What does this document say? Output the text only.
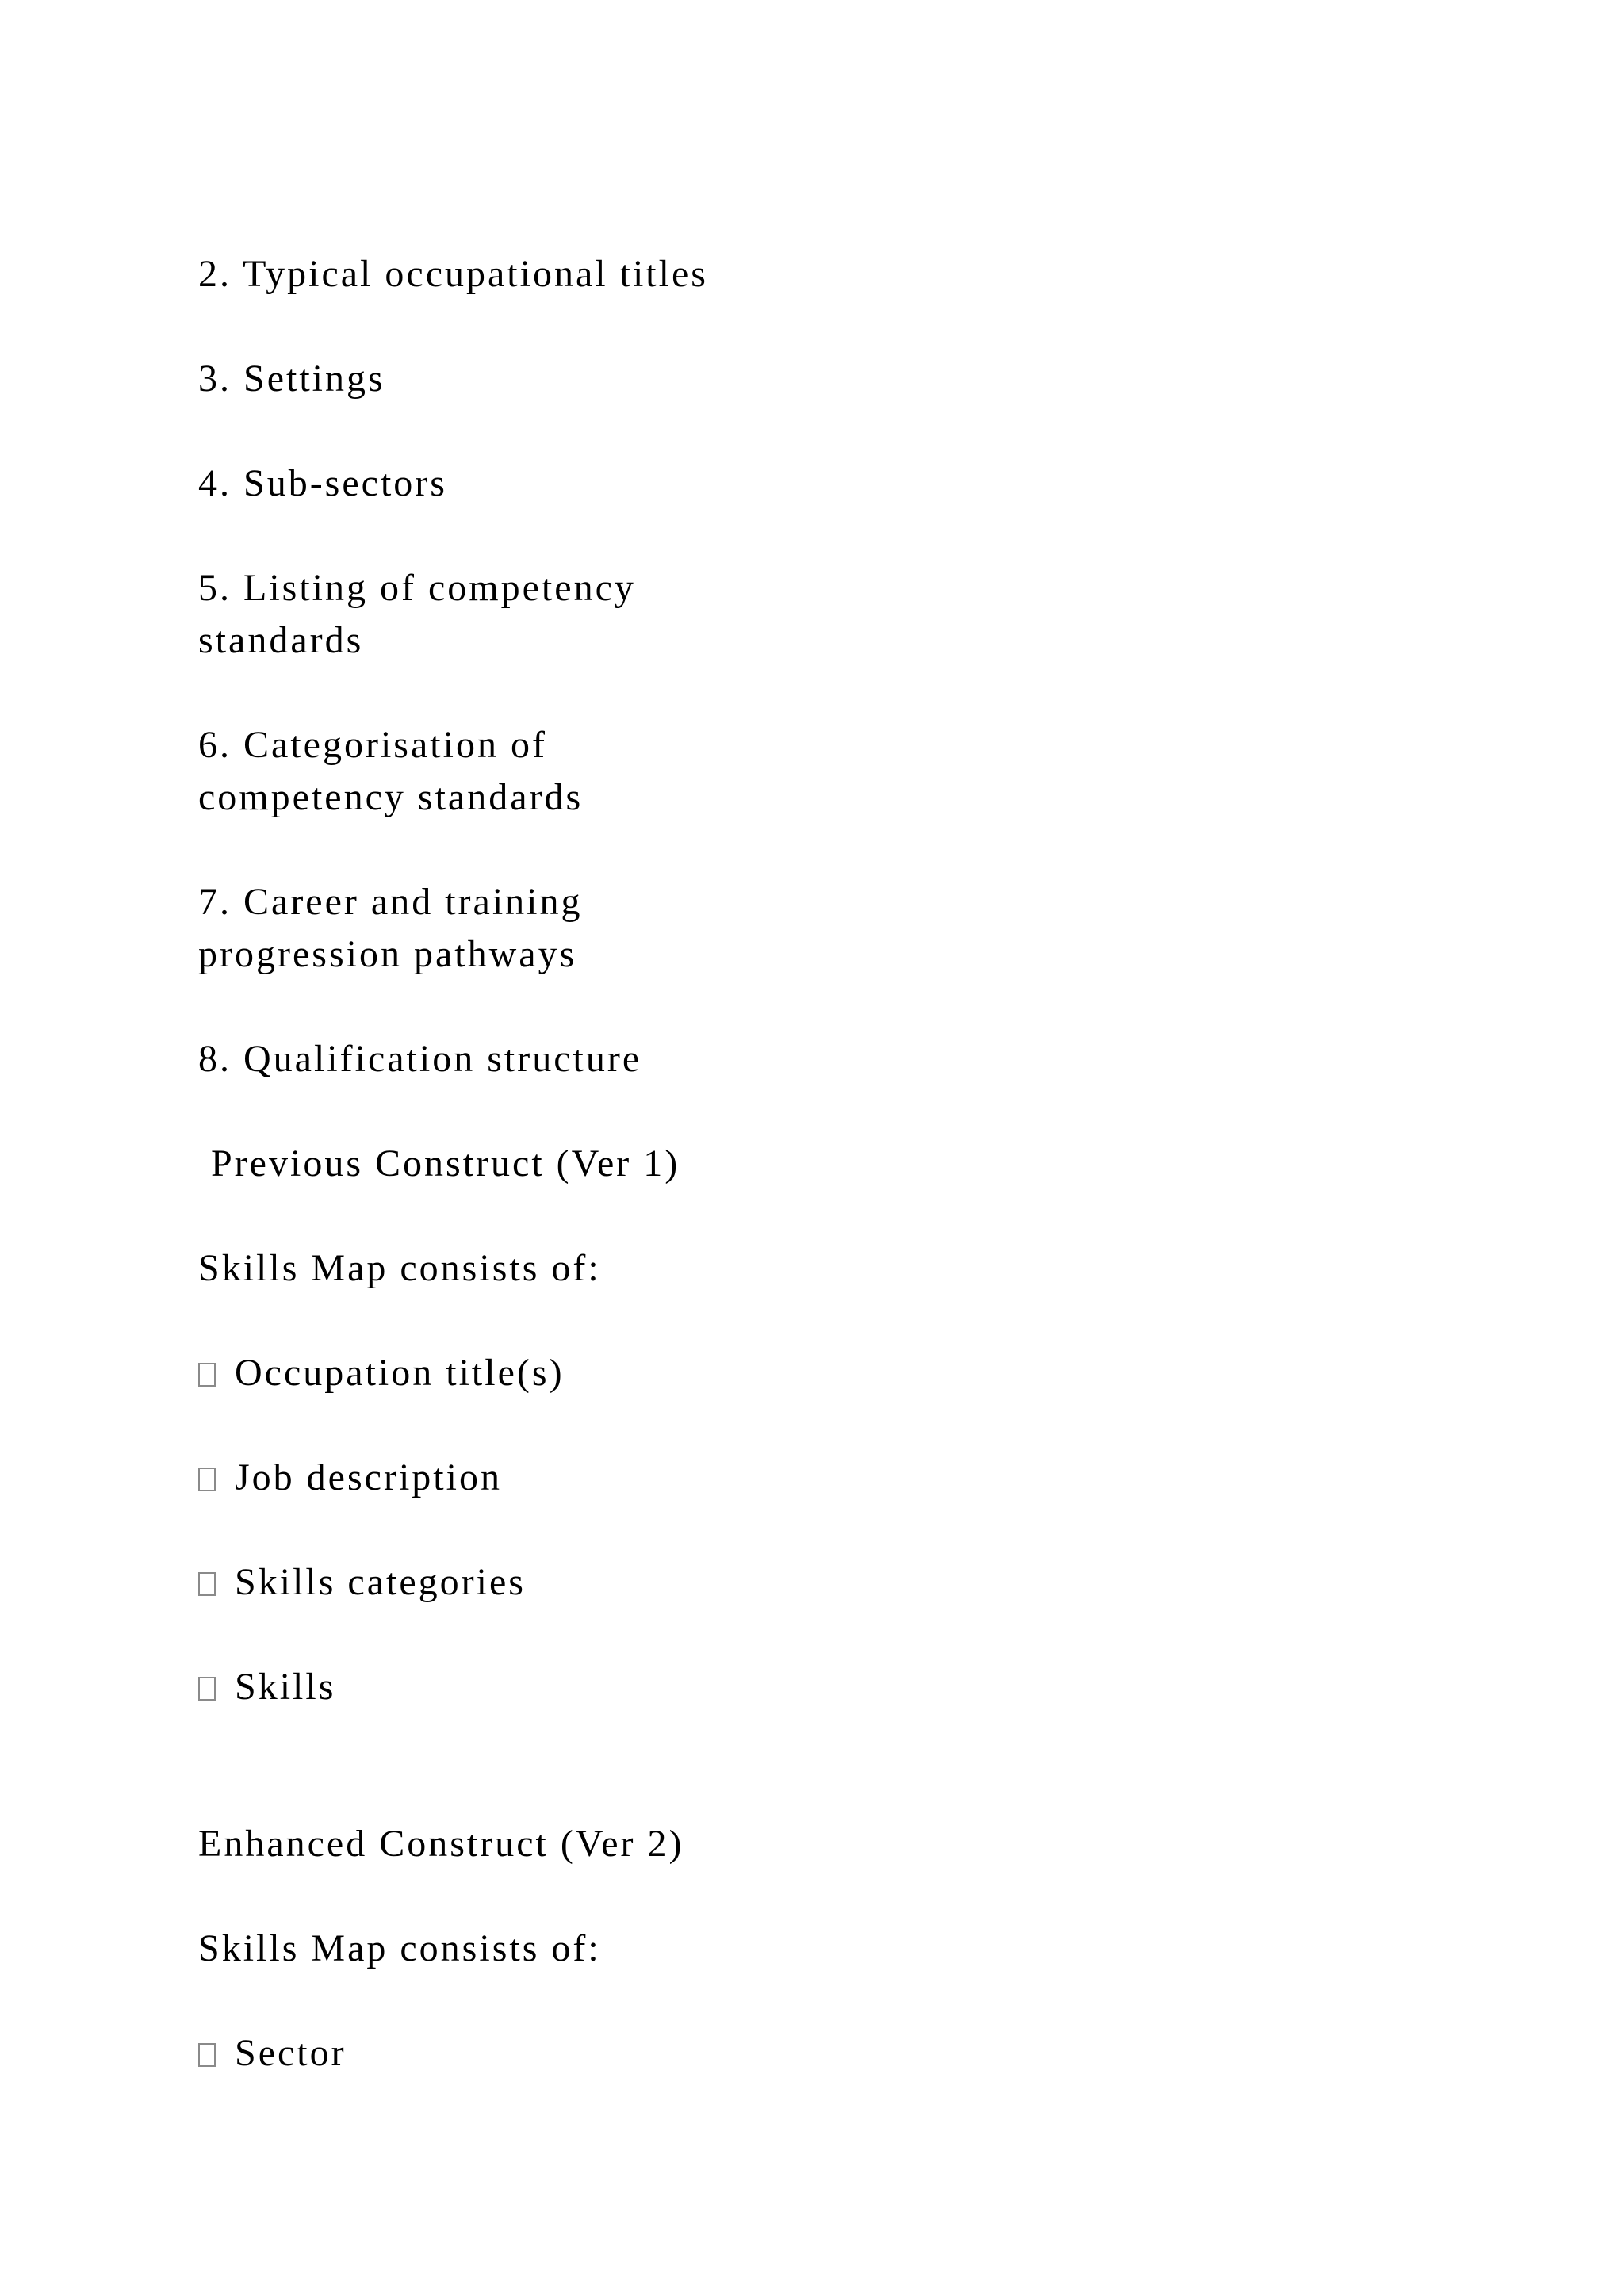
2. Typical occupational titles

3. Settings

4. Sub-sectors

5. Listing of competency

standards

6. Categorisation of

competency standards

7. Career and training

progression pathways

8. Qualification structure

Previous Construct (Ver 1)

Skills Map consists of:

Occupation title(s)

Job description

Skills categories

Skills

Enhanced Construct (Ver 2)

Skills Map consists of:

Sector
